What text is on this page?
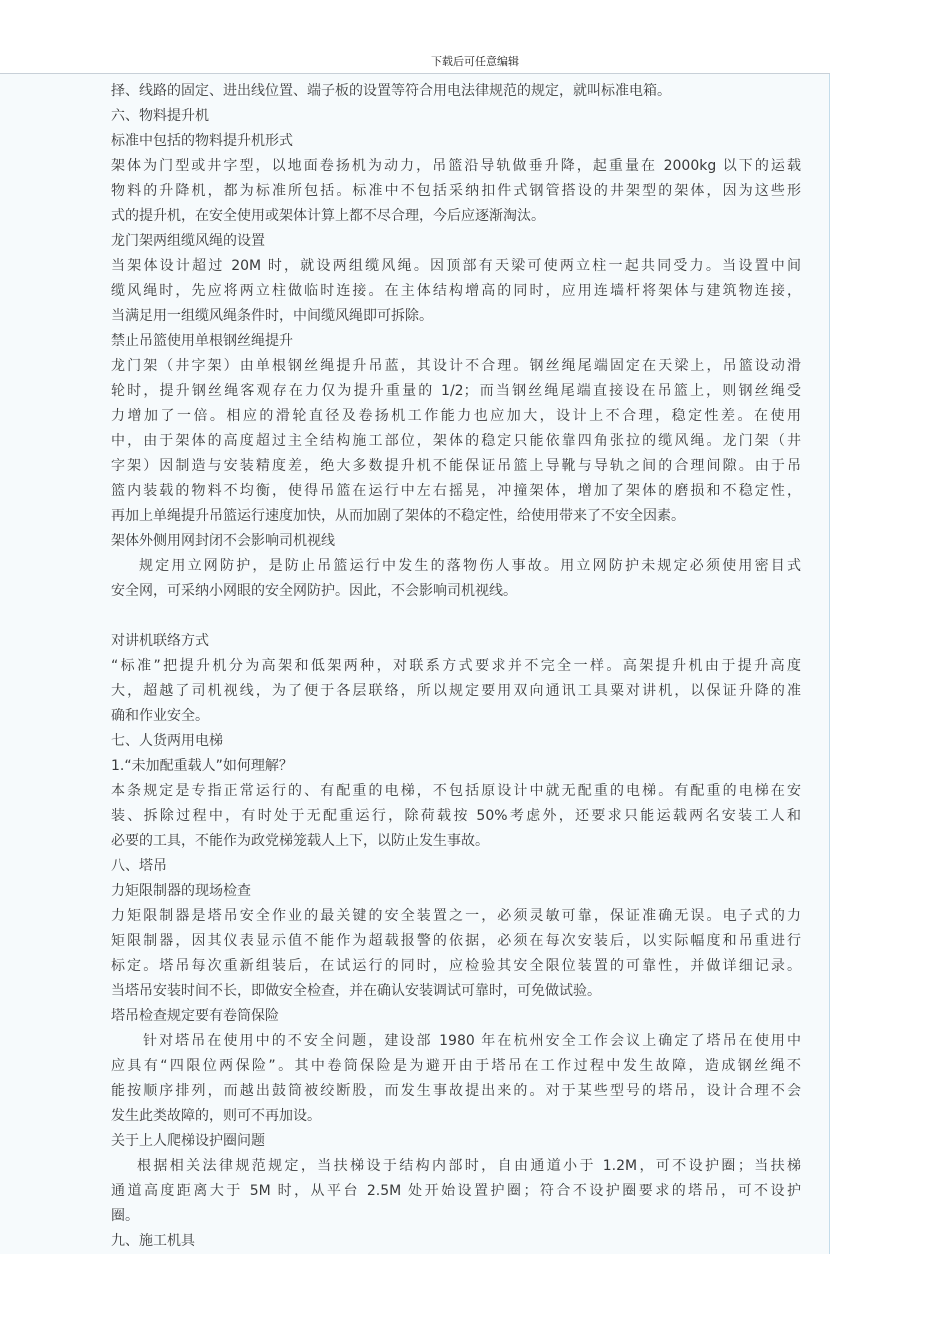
下载后可任意编辑
择、线路的固定、进出线位置、端子板的设置等符合用电法律规范的规定，就叫标准电箱。
六、物料提升机
标准中包括的物料提升机形式
架体为门型或井字型，以地面卷扬机为动力，吊篮沿导轨做垂升降，起重量在 2000kg 以下的运载
物料的升降机，都为标准所包括。标准中不包括采纳扣件式钢管搭设的井架型的架体，因为这些形
式的提升机，在安全使用或架体计算上都不尽合理，今后应逐渐淘汰。
龙门架两组缆风绳的设置
当架体设计超过 20M 时，就设两组缆风绳。因顶部有天梁可使两立柱一起共同受力。当设置中间
缆风绳时，先应将两立柱做临时连接。在主体结构增高的同时，应用连墙杆将架体与建筑物连接，
当满足用一组缆风绳条件时，中间缆风绳即可拆除。
禁止吊篮使用单根钢丝绳提升
龙门架（井字架）由单根钢丝绳提升吊蓝，其设计不合理。钢丝绳尾端固定在天梁上，吊篮设动滑
轮时，提升钢丝绳客观存在力仅为提升重量的 1/2；而当钢丝绳尾端直接设在吊篮上，则钢丝绳受
力增加了一倍。相应的滑轮直径及卷扬机工作能力也应加大，设计上不合理，稳定性差。在使用
中，由于架体的高度超过主全结构施工部位，架体的稳定只能依靠四角张拉的缆风绳。龙门架（井
字架）因制造与安装精度差，绝大多数提升机不能保证吊篮上导靴与导轨之间的合理间隙。由于吊
篮内装载的物料不均衡，使得吊篮在运行中左右摇晃，冲撞架体，增加了架体的磨损和不稳定性，
再加上单绳提升吊篮运行速度加快，从而加剧了架体的不稳定性，给使用带来了不安全因素。
架体外侧用网封闭不会影响司机视线
规定用立网防护，是防止吊篮运行中发生的落物伤人事故。用立网防护未规定必须使用密目式
安全网，可采纳小网眼的安全网防护。因此，不会影响司机视线。
对讲机联络方式
“标准”把提升机分为高架和低架两种，对联系方式要求并不完全一样。高架提升机由于提升高度
大，超越了司机视线，为了便于各层联络，所以规定要用双向通讯工具粟对讲机，以保证升降的准
确和作业安全。
七、人货两用电梯
1.“未加配重载人”如何理解？
本条规定是专指正常运行的、有配重的电梯，不包括原设计中就无配重的电梯。有配重的电梯在安
装、拆除过程中，有时处于无配重运行，除荷载按 50%考虑外，还要求只能运载两名安装工人和
必要的工具，不能作为政党梯笼载人上下，以防止发生事故。
八、塔吊
力矩限制器的现场检查
力矩限制器是塔吊安全作业的最关键的安全装置之一，必须灵敏可靠，保证准确无误。电子式的力
矩限制器，因其仪表显示值不能作为超载报警的依据，必须在每次安装后，以实际幅度和吊重进行
标定。塔吊每次重新组装后，在试运行的同时，应检验其安全限位装置的可靠性，并做详细记录。
当塔吊安装时间不长，即做安全检查，并在确认安装调试可靠时，可免做试验。
塔吊检查规定要有卷筒保险
针对塔吊在使用中的不安全问题，建设部 1980 年在杭州安全工作会议上确定了塔吊在使用中
应具有“四限位两保险”。其中卷筒保险是为避开由于塔吊在工作过程中发生故障，造成钢丝绳不
能按顺序排列，而越出鼓筒被绞断股，而发生事故提出来的。对于某些型号的塔吊，设计合理不会
发生此类故障的，则可不再加设。
关于上人爬梯设护圈问题
根据相关法律规范规定，当扶梯设于结构内部时，自由通道小于 1.2M，可不设护圈；当扶梯
通道高度距离大于 5M 时，从平台 2.5M 处开始设置护圈；符合不设护圈要求的塔吊，可不设护
圈。
九、施工机具
